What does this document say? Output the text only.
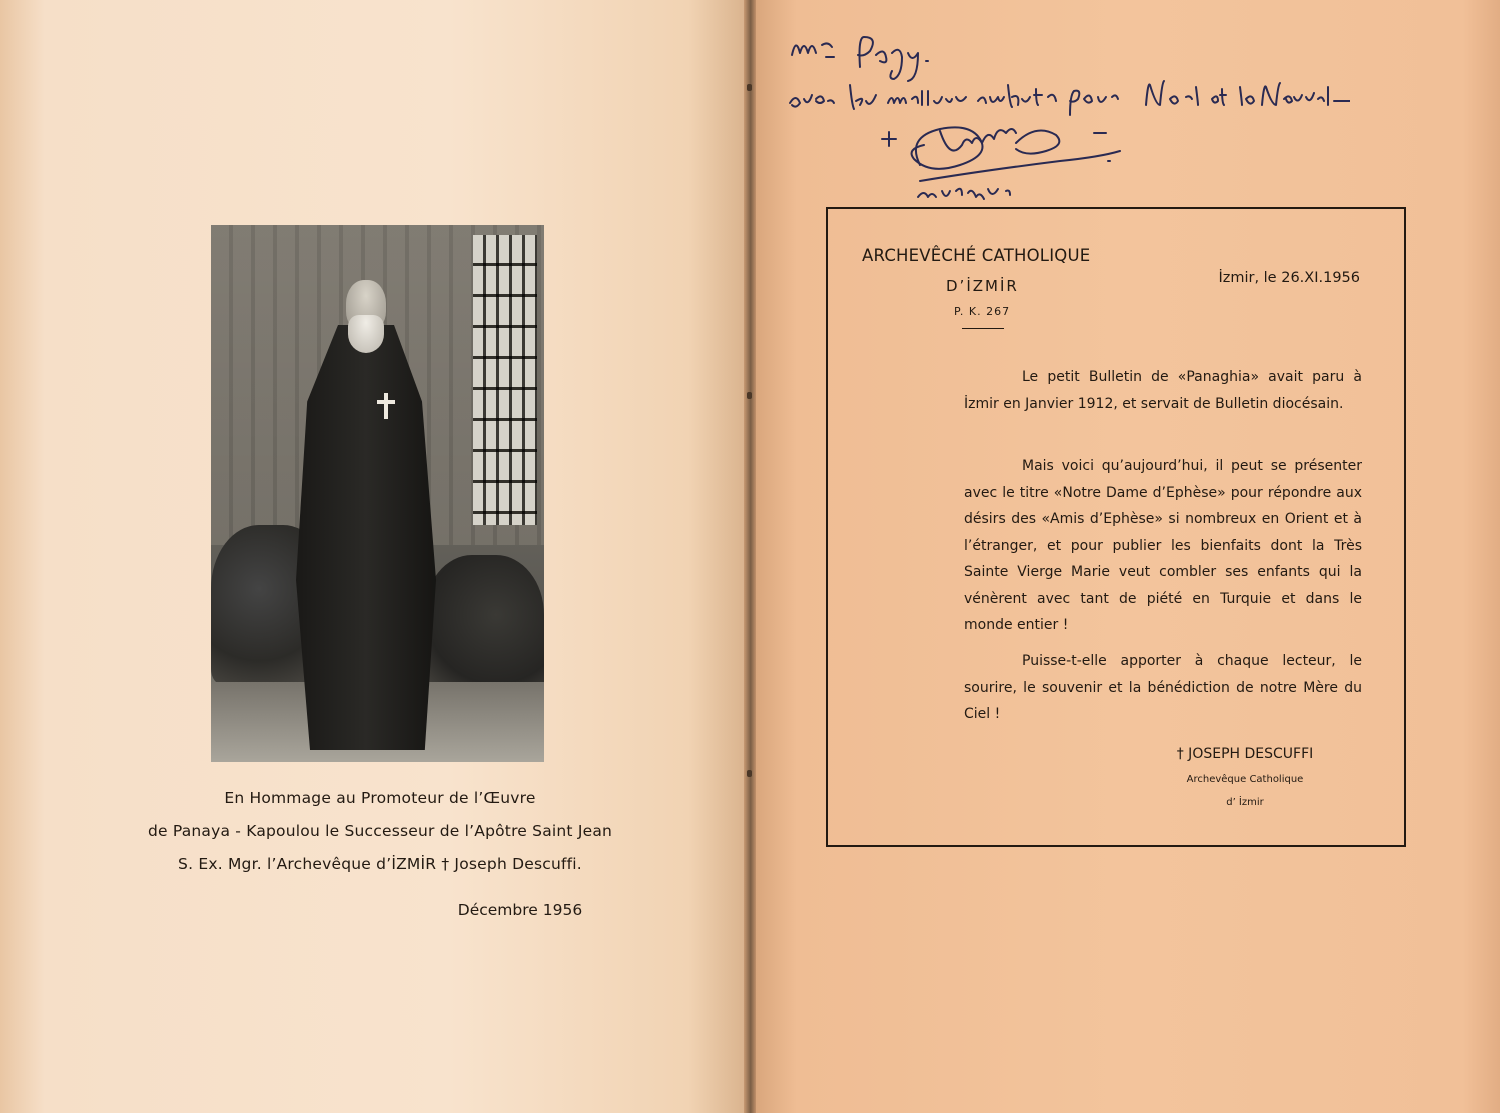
En Hommage au Promoteur de l’Œuvre

de Panaya - Kapoulou le Successeur de l’Apôtre Saint Jean

S. Ex. Mgr. l’Archevêque d’İZMİR † Joseph Descuffi.

Décembre 1956

ARCHEVÊCHÉ CATHOLIQUE

D’İZMİR

P. K. 267

İzmir, le 26.XI.1956

Le petit Bulletin de «Panaghia» avait paru à İzmir en Janvier 1912, et servait de Bulletin diocésain.

Mais voici qu’aujourd’hui, il peut se présenter avec le titre «Notre Dame d’Ephèse» pour répondre aux désirs des «Amis d’Ephèse» si nombreux en Orient et à l’étranger, et pour publier les bienfaits dont la Très Sainte Vierge Marie veut combler ses enfants qui la vénèrent avec tant de piété en Turquie et dans le monde entier !

Puisse-t-elle apporter à chaque lecteur, le sourire, le souvenir et la bénédiction de notre Mère du Ciel !

† JOSEPH DESCUFFI

Archevêque Catholique

d’ İzmir
